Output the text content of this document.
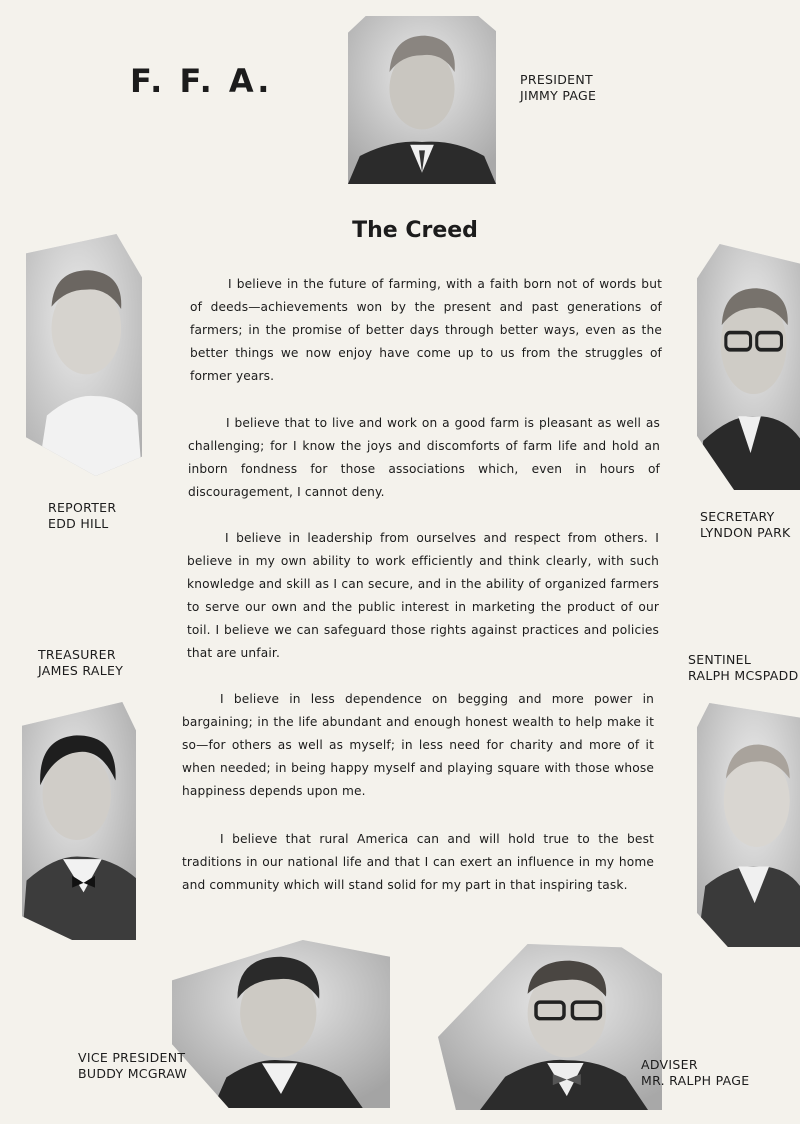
F. F. A.	PRESIDENT
JIMMY PAGE
REPORTER
EDD HILL	SECRETARY
LYNDON PARK
TREASURER
JAMES RALEY
SENTINEL
RALPH MCSPADD
VICE PRESIDENT
BUDDY MCGRAW
ADVISER
MR. RALPH PAGE
The Creed

I believe in the future of farming, with a faith born not of words but of deeds—achievements won by the present and past generations of farmers; in the promise of better days through better ways, even as the better things we now enjoy have come up to us from the struggles of former years.

I believe that to live and work on a good farm is pleasant as well as challenging; for I know the joys and discomforts of farm life and hold an inborn fondness for those associations which, even in hours of discouragement, I cannot deny.

I believe in leadership from ourselves and respect from others. I believe in my own ability to work efficiently and think clearly, with such knowledge and skill as I can secure, and in the ability of organized farmers to serve our own and the public interest in marketing the product of our toil. I believe we can safeguard those rights against practices and policies that are unfair.

I believe in less dependence on begging and more power in bargaining; in the life abundant and enough honest wealth to help make it so—for others as well as myself; in less need for charity and more of it when needed; in being happy myself and playing square with those whose happiness depends upon me.

I believe that rural America can and will hold true to the best traditions in our national life and that I can exert an influence in my home and community which will stand solid for my part in that inspiring task.
